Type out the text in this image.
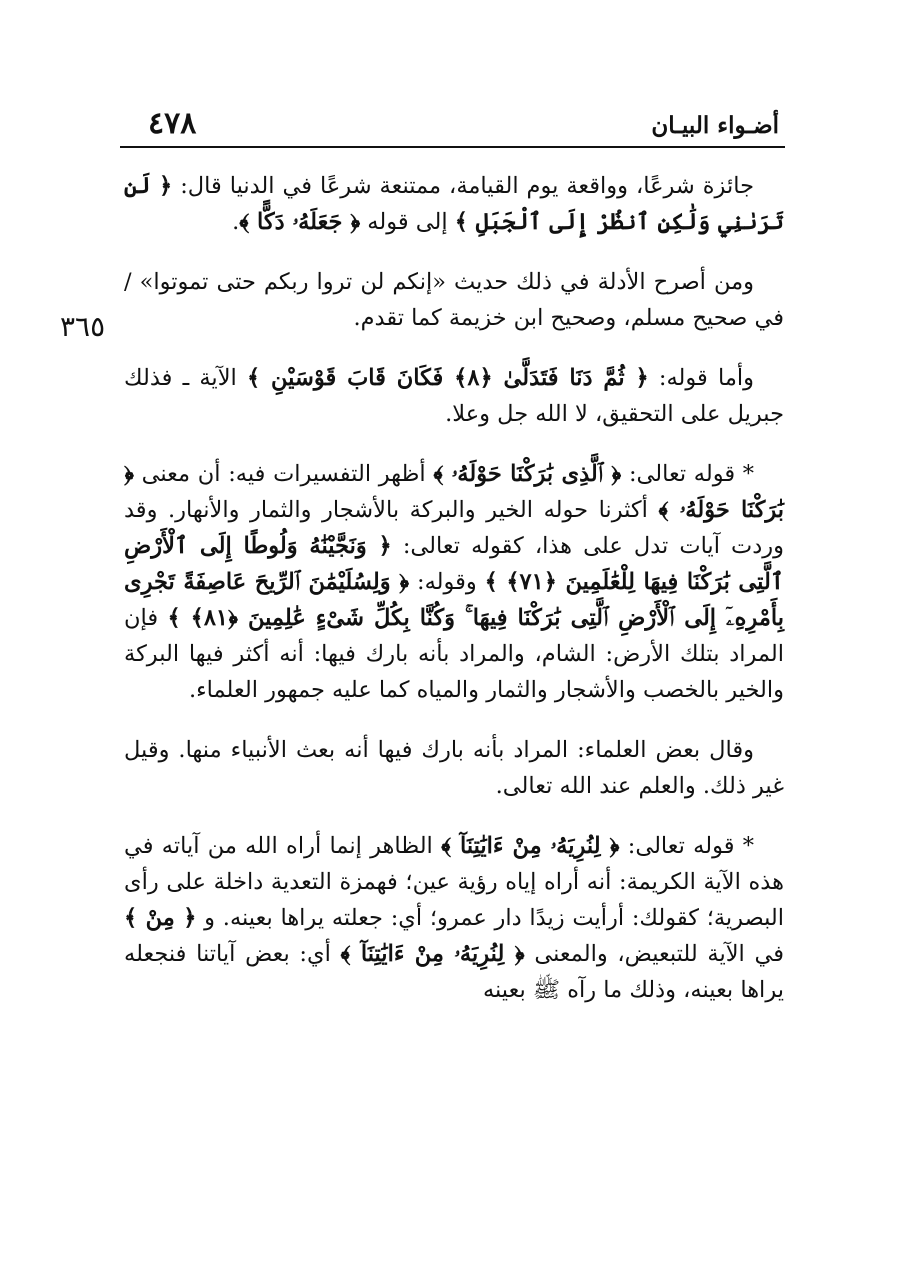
٤٧٨	أضـواء البيـان
٣٦٥

جائزة شرعًا، وواقعة يوم القيامة، ممتنعة شرعًا في الدنيا قال: ﴿ لَن تَرَىٰنِي وَلَٰكِنِ ٱنظُرْ إِلَى ٱلْجَبَلِ ﴾ إلى قوله ﴿ جَعَلَهُۥ دَكًّا ﴾.

ومن أصرح الأدلة في ذلك حديث «إنكم لن تروا ربكم حتى تموتوا» / في صحيح مسلم، وصحيح ابن خزيمة كما تقدم.

وأما قوله: ﴿ ثُمَّ دَنَا فَتَدَلَّىٰ ﴿٨﴾ فَكَانَ قَابَ قَوْسَيْنِ ﴾ الآية ـ فذلك جبريل على التحقيق، لا الله جل وعلا.

* قوله تعالى: ﴿ ٱلَّذِى بَٰرَكْنَا حَوْلَهُۥ ﴾ أظهر التفسيرات فيه: أن معنى ﴿ بَٰرَكْنَا حَوْلَهُۥ ﴾ أكثرنا حوله الخير والبركة بالأشجار والثمار والأنهار. وقد وردت آيات تدل على هذا، كقوله تعالى: ﴿ وَنَجَّيْنَٰهُ وَلُوطًا إِلَى ٱلْأَرْضِ ٱلَّتِى بَٰرَكْنَا فِيهَا لِلْعَٰلَمِينَ ﴿٧١﴾ ﴾ وقوله: ﴿ وَلِسُلَيْمَٰنَ ٱلرِّيحَ عَاصِفَةً تَجْرِى بِأَمْرِهِۦٓ إِلَى ٱلْأَرْضِ ٱلَّتِى بَٰرَكْنَا فِيهَا ۚ وَكُنَّا بِكُلِّ شَىْءٍ عَٰلِمِينَ ﴿٨١﴾ ﴾ فإن المراد بتلك الأرض: الشام، والمراد بأنه بارك فيها: أنه أكثر فيها البركة والخير بالخصب والأشجار والثمار والمياه كما عليه جمهور العلماء.

وقال بعض العلماء: المراد بأنه بارك فيها أنه بعث الأنبياء منها. وقيل غير ذلك. والعلم عند الله تعالى.

* قوله تعالى: ﴿ لِنُرِيَهُۥ مِنْ ءَايَٰتِنَآ ﴾ الظاهر إنما أراه الله من آياته في هذه الآية الكريمة: أنه أراه إياه رؤية عين؛ فهمزة التعدية داخلة على رأى البصرية؛ كقولك: أرأيت زيدًا دار عمرو؛ أي: جعلته يراها بعينه. و ﴿ مِنْ ﴾ في الآية للتبعيض، والمعنى ﴿ لِنُرِيَهُۥ مِنْ ءَايَٰتِنَآ ﴾ أي: بعض آياتنا فنجعله يراها بعينه، وذلك ما رآه ﷺ بعينه
